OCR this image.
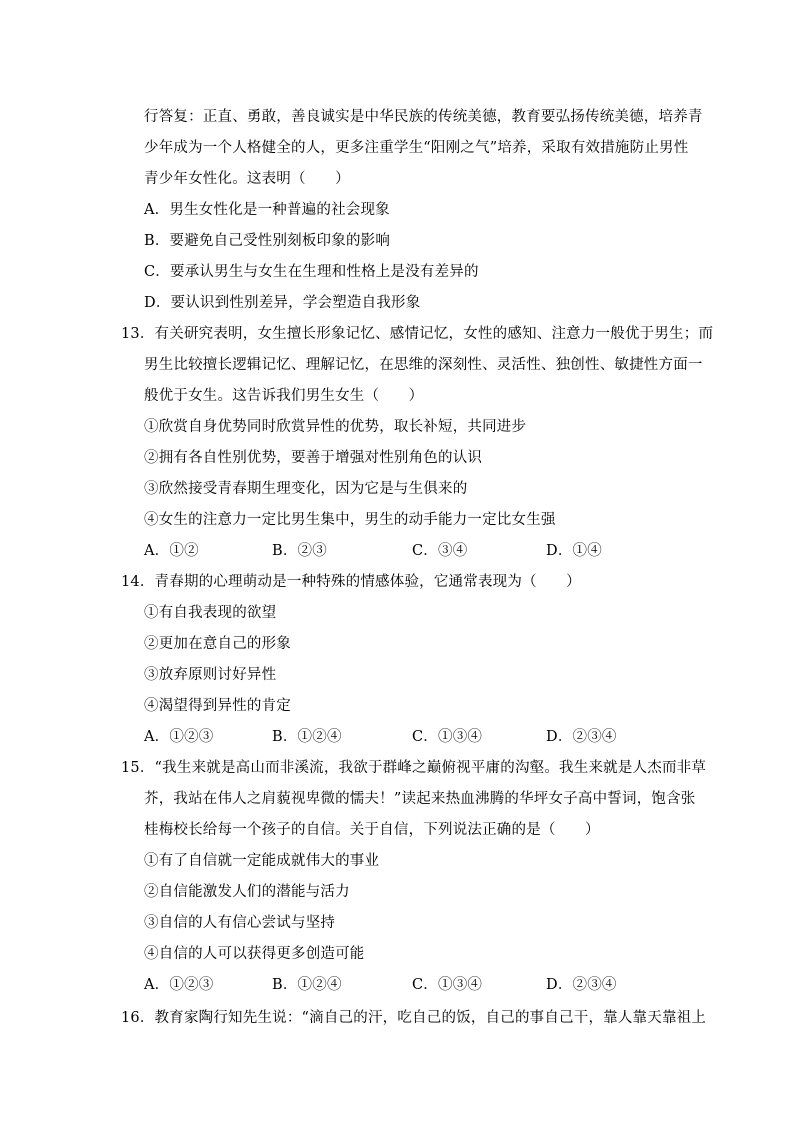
行答复：正直、勇敢，善良诚实是中华民族的传统美德，教育要弘扬传统美德，培养青
少年成为一个人格健全的人，更多注重学生“阳刚之气”培养，采取有效措施防止男性
青少年女性化。这表明（　　）
A．男生女性化是一种普遍的社会现象
B．要避免自己受性别刻板印象的影响
C．要承认男生与女生在生理和性格上是没有差异的
D．要认识到性别差异，学会塑造自我形象
13．有关研究表明，女生擅长形象记忆、感情记忆，女性的感知、注意力一般优于男生；而
男生比较擅长逻辑记忆、理解记忆，在思维的深刻性、灵活性、独创性、敏捷性方面一
般优于女生。这告诉我们男生女生（　　）
①欣赏自身优势同时欣赏异性的优势，取长补短，共同进步
②拥有各自性别优势，要善于增强对性别角色的认识
③欣然接受青春期生理变化，因为它是与生俱来的
④女生的注意力一定比男生集中，男生的动手能力一定比女生强
A．①②	B．②③	C．③④	D．①④
14．青春期的心理萌动是一种特殊的情感体验，它通常表现为（　　）
①有自我表现的欲望
②更加在意自己的形象
③放弃原则讨好异性
④渴望得到异性的肯定
A．①②③	B．①②④	C．①③④	D．②③④
15．“我生来就是高山而非溪流，我欲于群峰之巅俯视平庸的沟壑。我生来就是人杰而非草
芥，我站在伟人之肩藐视卑微的懦夫！”读起来热血沸腾的华坪女子高中誓词，饱含张
桂梅校长给每一个孩子的自信。关于自信，下列说法正确的是（　　）
①有了自信就一定能成就伟大的事业
②自信能激发人们的潜能与活力
③自信的人有信心尝试与坚持
④自信的人可以获得更多创造可能
A．①②③	B．①②④	C．①③④	D．②③④
16．教育家陶行知先生说：“滴自己的汗，吃自己的饭，自己的事自己干，靠人靠天靠祖上
